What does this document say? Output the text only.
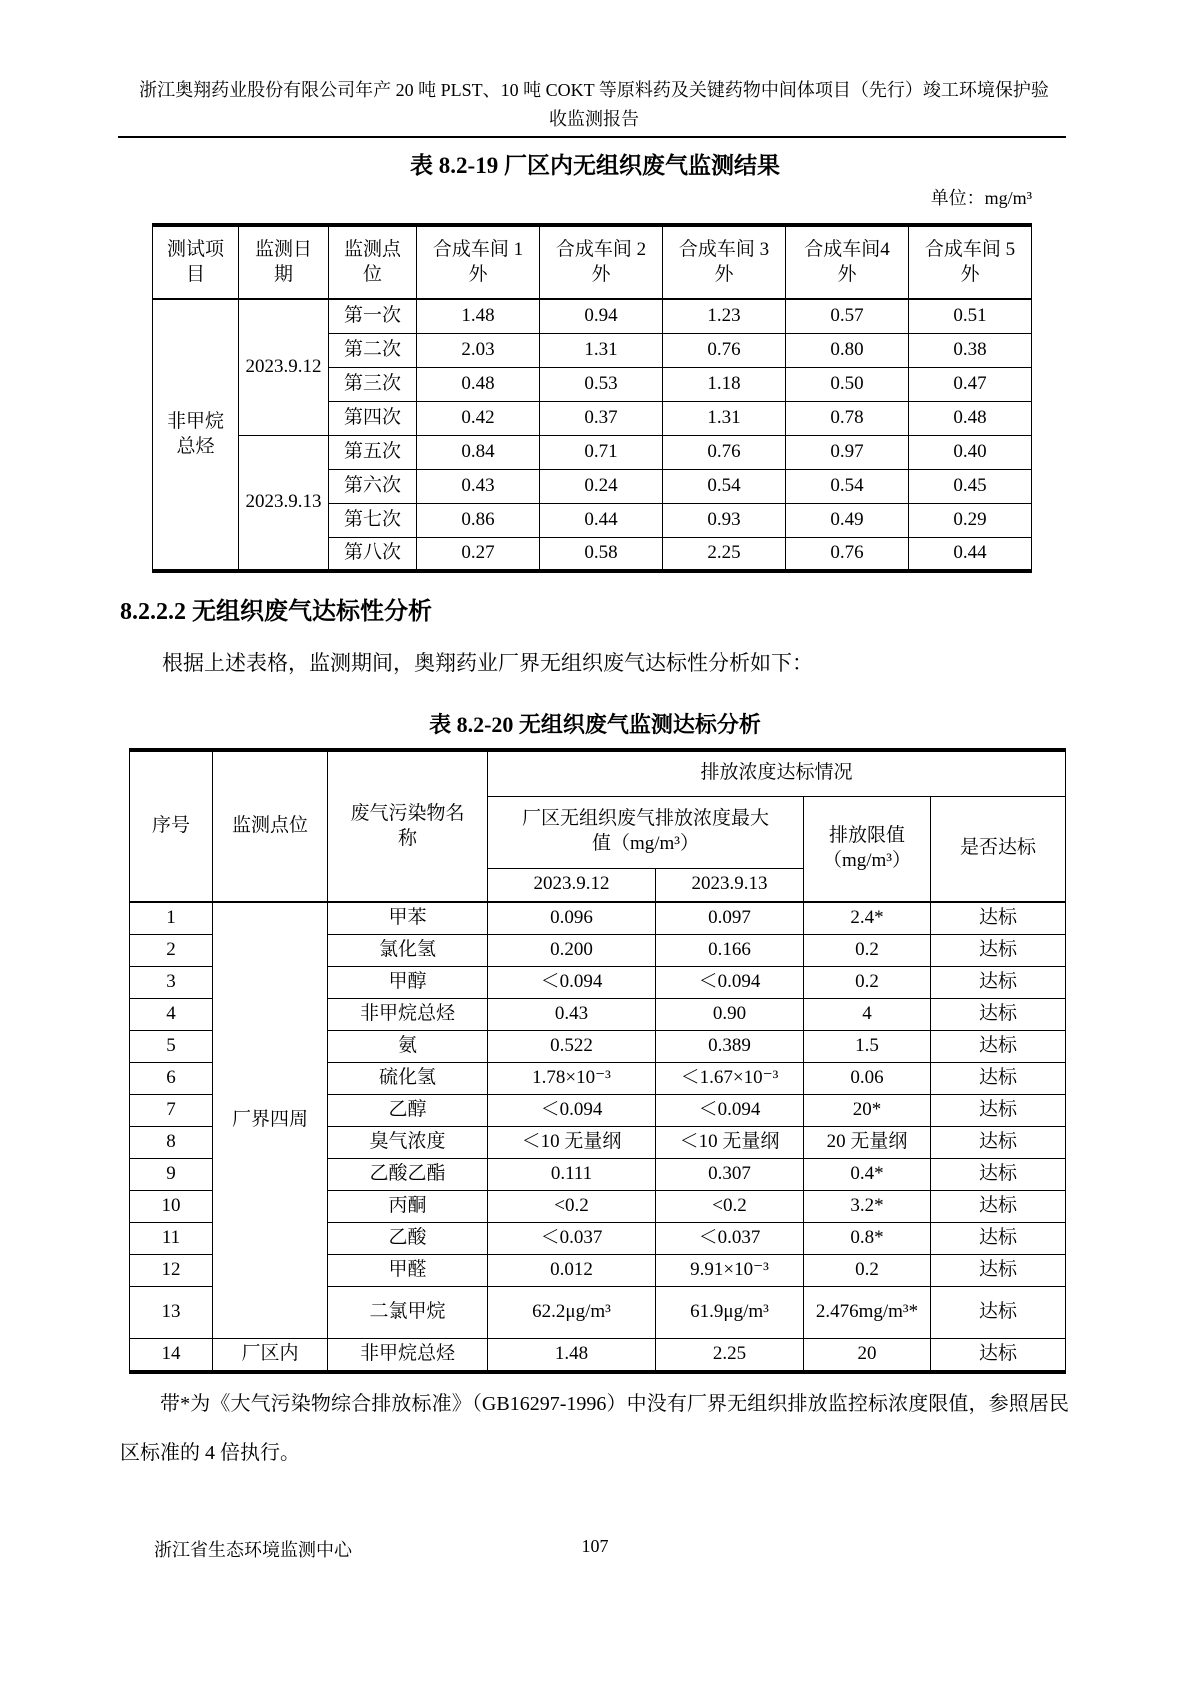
浙江奥翔药业股份有限公司年产 20 吨 PLST、10 吨 COKT 等原料药及关键药物中间体项目（先行）竣工环境保护验
收监测报告
表 8.2-19 厂区内无组织废气监测结果
单位：mg/m³
测试项目	监测日期	监测点位	合成车间 1 外	合成车间 2 外	合成车间 3 外	合成车间4 外	合成车间 5 外
非甲烷总烃	2023.9.12	第一次	1.48	0.94	1.23	0.57	0.51
		第二次	2.03	1.31	0.76	0.80	0.38
		第三次	0.48	0.53	1.18	0.50	0.47
		第四次	0.42	0.37	1.31	0.78	0.48
	2023.9.13	第五次	0.84	0.71	0.76	0.97	0.40
		第六次	0.43	0.24	0.54	0.54	0.45
		第七次	0.86	0.44	0.93	0.49	0.29
		第八次	0.27	0.58	2.25	0.76	0.44
8.2.2.2 无组织废气达标性分析

根据上述表格，监测期间，奥翔药业厂界无组织废气达标性分析如下：

表 8.2-20 无组织废气监测达标分析
序号	监测点位	废气污染物名称	排放浓度达标情况			
			厂区无组织废气排放浓度最大值（mg/m³）		排放限值（mg/m³）	是否达标
			2023.9.12	2023.9.13		
1	厂界四周	甲苯	0.096	0.097	2.4*	达标
2		氯化氢	0.200	0.166	0.2	达标
3		甲醇	＜0.094	＜0.094	0.2	达标
4		非甲烷总烃	0.43	0.90	4	达标
5		氨	0.522	0.389	1.5	达标
6		硫化氢	1.78×10⁻³	＜1.67×10⁻³	0.06	达标
7		乙醇	＜0.094	＜0.094	20*	达标
8		臭气浓度	＜10 无量纲	＜10 无量纲	20 无量纲	达标
9		乙酸乙酯	0.111	0.307	0.4*	达标
10		丙酮	<0.2	<0.2	3.2*	达标
11		乙酸	＜0.037	＜0.037	0.8*	达标
12		甲醛	0.012	9.91×10⁻³	0.2	达标
13		二氯甲烷	62.2μg/m³	61.9μg/m³	2.476mg/m³*	达标
14	厂区内	非甲烷总烃	1.48	2.25	20	达标

带*为《大气污染物综合排放标准》（GB16297-1996）中没有厂界无组织排放监控标浓度限值，参照居民区标准的 4 倍执行。

107
浙江省生态环境监测中心
